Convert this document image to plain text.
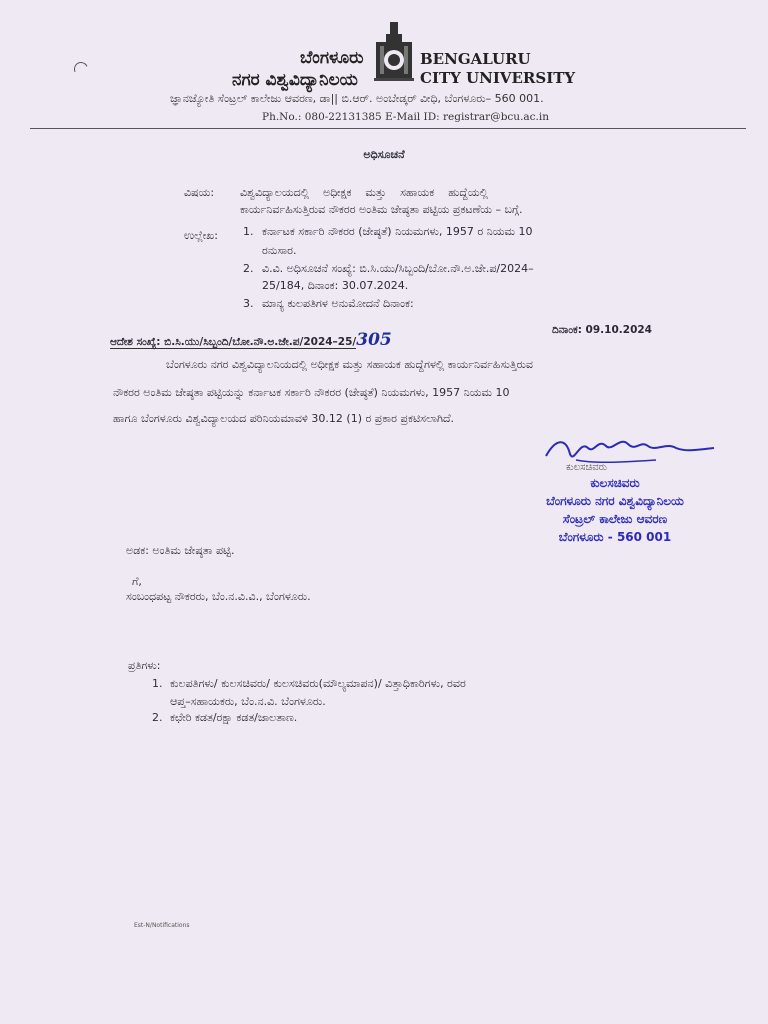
ಬೆಂಗಳೂರು
ನಗರ ವಿಶ್ವವಿದ್ಯಾನಿಲಯ
BENGALURU
CITY UNIVERSITY
ಜ್ಞಾನಜ್ಯೋತಿ ಸೆಂಟ್ರಲ್ ಕಾಲೇಜು ಆವರಣ, ಡಾ|| ಬಿ.ಆರ್. ಅಂಬೇಡ್ಕರ್ ವೀಧಿ, ಬೆಂಗಳೂರು– 560 001.
Ph.No.: 080-22131385 E-Mail ID: registrar@bcu.ac.in
ಅಧಿಸೂಚನೆ
ವಿಷಯ: ವಿಶ್ವವಿದ್ಯಾಲಯದಲ್ಲಿ    ಅಧೀಕ್ಷಕ    ಮತ್ತು    ಸಹಾಯಕ    ಹುದ್ದೆಯಲ್ಲಿ
ಕಾರ್ಯನಿರ್ವಹಿಸುತ್ತಿರುವ ನೌಕರರ ಅಂತಿಮ ಜೇಷ್ಠತಾ ಪಟ್ಟಿಯ ಪ್ರಕಟಣೆಯ – ಬಗ್ಗೆ.
ಉಲ್ಲೇಖ: 1. ಕರ್ನಾಟಕ ಸರ್ಕಾರಿ ನೌಕರರ (ಜೇಷ್ಠತೆ) ನಿಯಮಗಳು, 1957 ರ ನಿಯಮ 10
ರನುಸಾರ.
2. ವಿ.ವಿ. ಅಧಿಸೂಚನೆ ಸಂಖ್ಯೆ: ಬಿ.ಸಿ.ಯು/ಸಿಬ್ಬಂದಿ/ಬೋ.ನೌ.ಅ.ಜೇ.ಪ/2024–
25/184, ದಿನಾಂಕ: 30.07.2024.
3. ಮಾನ್ಯ ಕುಲಪತಿಗಳ ಅನುಮೋದನೆ ದಿನಾಂಕ:
ಆದೇಶ ಸಂಖ್ಯೆ: ಬಿ.ಸಿ.ಯು/ಸಿಬ್ಬಂದಿ/ಬೋ.ನೌ.ಅ.ಜೇ.ಪ/2024–25/305	ದಿನಾಂಕ: 09.10.2024
ಬೆಂಗಳೂರು ನಗರ ವಿಶ್ವವಿದ್ಯಾಲನಿಯದಲ್ಲಿ ಅಧೀಕ್ಷಕ ಮತ್ತು ಸಹಾಯಕ ಹುದ್ದೆಗಳಲ್ಲಿ ಕಾರ್ಯನಿರ್ವಹಿಸುತ್ತಿರುವ
ನೌಕರರ ಅಂತಿಮ ಜೇಷ್ಠತಾ ಪಟ್ಟಿಯನ್ನು ಕರ್ನಾಟಕ ಸರ್ಕಾರಿ ನೌಕರರ (ಜೇಷ್ಠತೆ) ನಿಯಮಗಳು, 1957 ನಿಯಮ 10
ಹಾಗೂ ಬೆಂಗಳೂರು ವಿಶ್ವವಿದ್ಯಾಲಯದ ಪರಿನಿಯಮಾವಳಿ 30.12 (1) ರ ಪ್ರಕಾರ ಪ್ರಕಟಿಸಲಾಗಿದೆ.
ಕುಲಸಚಿವರು
ಕುಲಸಚಿವರು
ಬೆಂಗಳೂರು ನಗರ ವಿಶ್ವವಿದ್ಯಾನಿಲಯ
ಸೆಂಟ್ರಲ್ ಕಾಲೇಜು ಆವರಣ
ಬೆಂಗಳೂರು - 560 001
ಅಡಕ: ಅಂತಿಮ ಜೇಷ್ಠತಾ ಪಟ್ಟಿ.
ಗೆ,
ಸಂಬಂಧಪಟ್ಟ ನೌಕರರು, ಬೆಂ.ನ.ವಿ.ವಿ., ಬೆಂಗಳೂರು.
ಪ್ರತಿಗಳು:
1. ಕುಲಪತಿಗಳು/ ಕುಲಸಚಿವರು/ ಕುಲಸಚಿವರು(ಮೌಲ್ಯಮಾಪನ)/ ವಿತ್ತಾಧಿಕಾರಿಗಳು, ರವರ
ಆಪ್ತ–ಸಹಾಯಕರು, ಬೆಂ.ನ.ವಿ. ಬೆಂಗಳೂರು.
2. ಕಛೇರಿ ಕಡತ/ರಕ್ಷಾ ಕಡತ/ಜಾಲತಾಣ.
Est-N/Notifications
